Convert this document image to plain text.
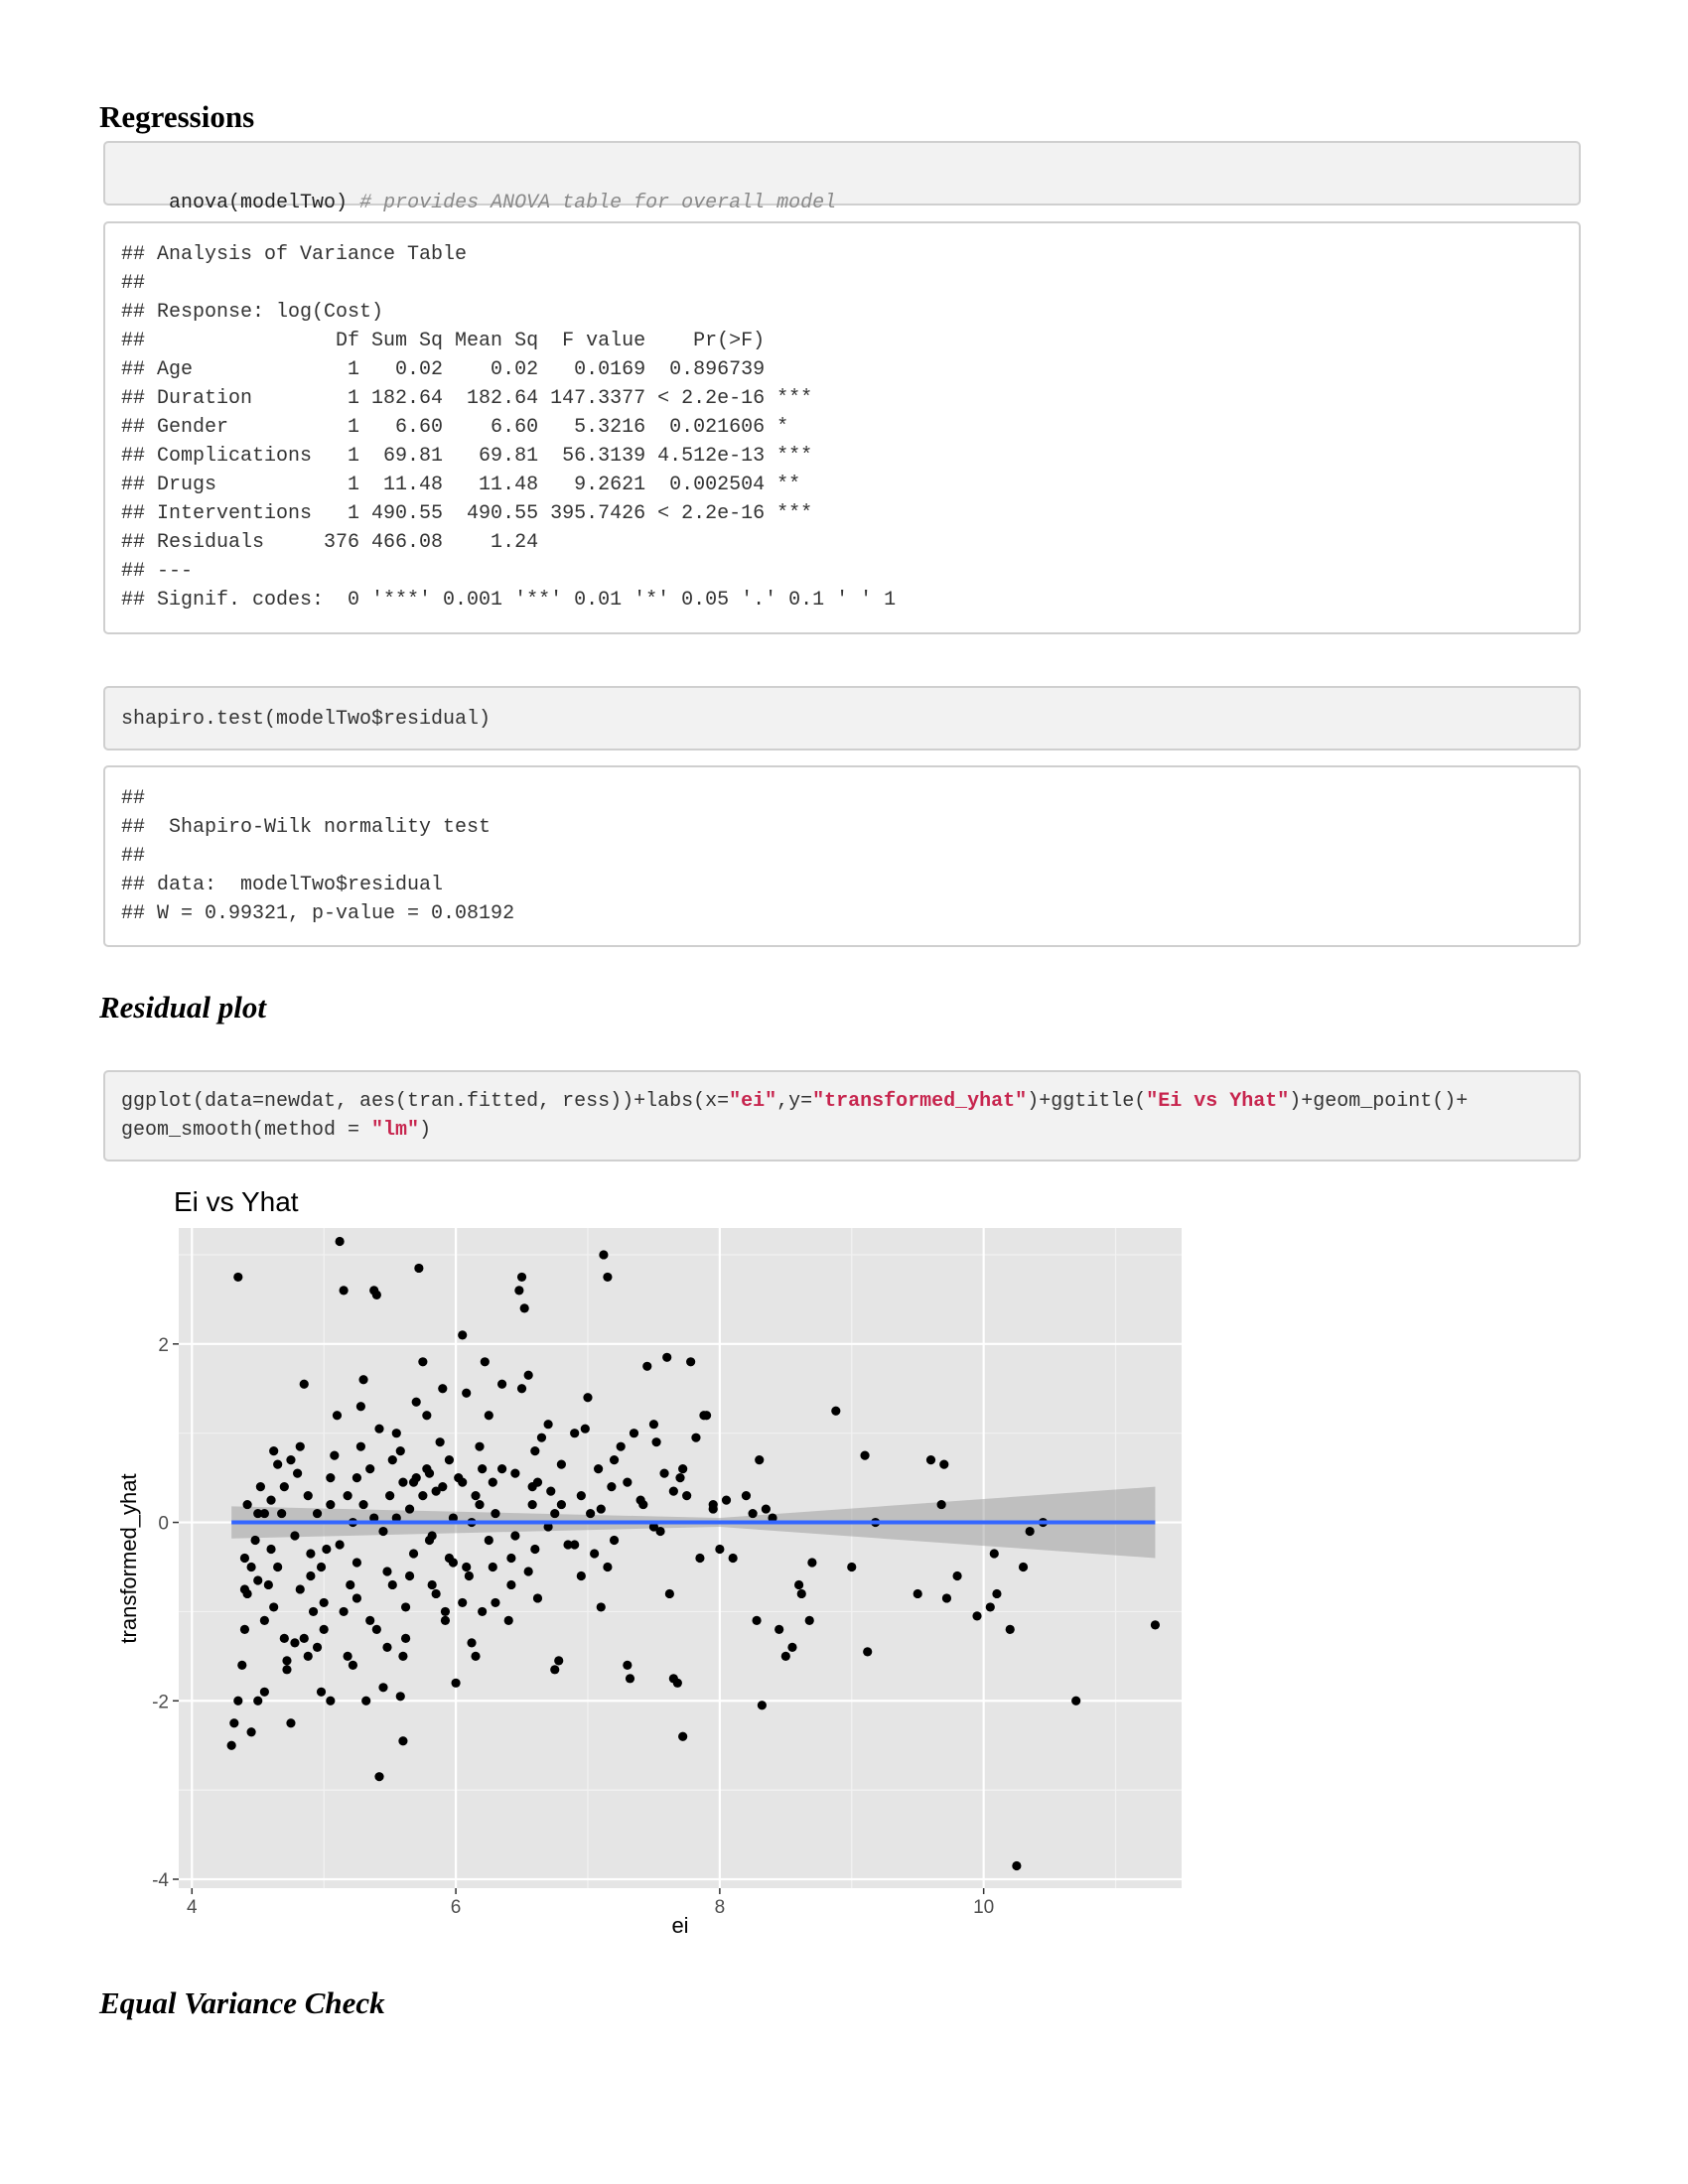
Regressions

anova(modelTwo) # provides ANOVA table for overall model

## Analysis of Variance Table
##
## Response: log(Cost)
##                Df Sum Sq Mean Sq  F value    Pr(>F)
## Age             1   0.02    0.02   0.0169  0.896739
## Duration        1 182.64  182.64 147.3377 < 2.2e-16 ***
## Gender          1   6.60    6.60   5.3216  0.021606 *
## Complications   1  69.81   69.81  56.3139 4.512e-13 ***
## Drugs           1  11.48   11.48   9.2621  0.002504 **
## Interventions   1 490.55  490.55 395.7426 < 2.2e-16 ***
## Residuals     376 466.08    1.24
## ---
## Signif. codes:  0 '***' 0.001 '**' 0.01 '*' 0.05 '.' 0.1 ' ' 1
shapiro.test(modelTwo$residual)
##
##  Shapiro-Wilk normality test
##
## data:  modelTwo$residual
## W = 0.99321, p-value = 0.08192
Residual plot
ggplot(data=newdat, aes(tran.fitted, ress))+labs(x="ei",y="transformed_yhat")+ggtitle("Ei vs Yhat")+geom_point()+
geom_smooth(method = "lm")
Ei vs Yhat
4	6	8	10
-4
-2
0
2
ei
transformed_yhat
Equal Variance Check
